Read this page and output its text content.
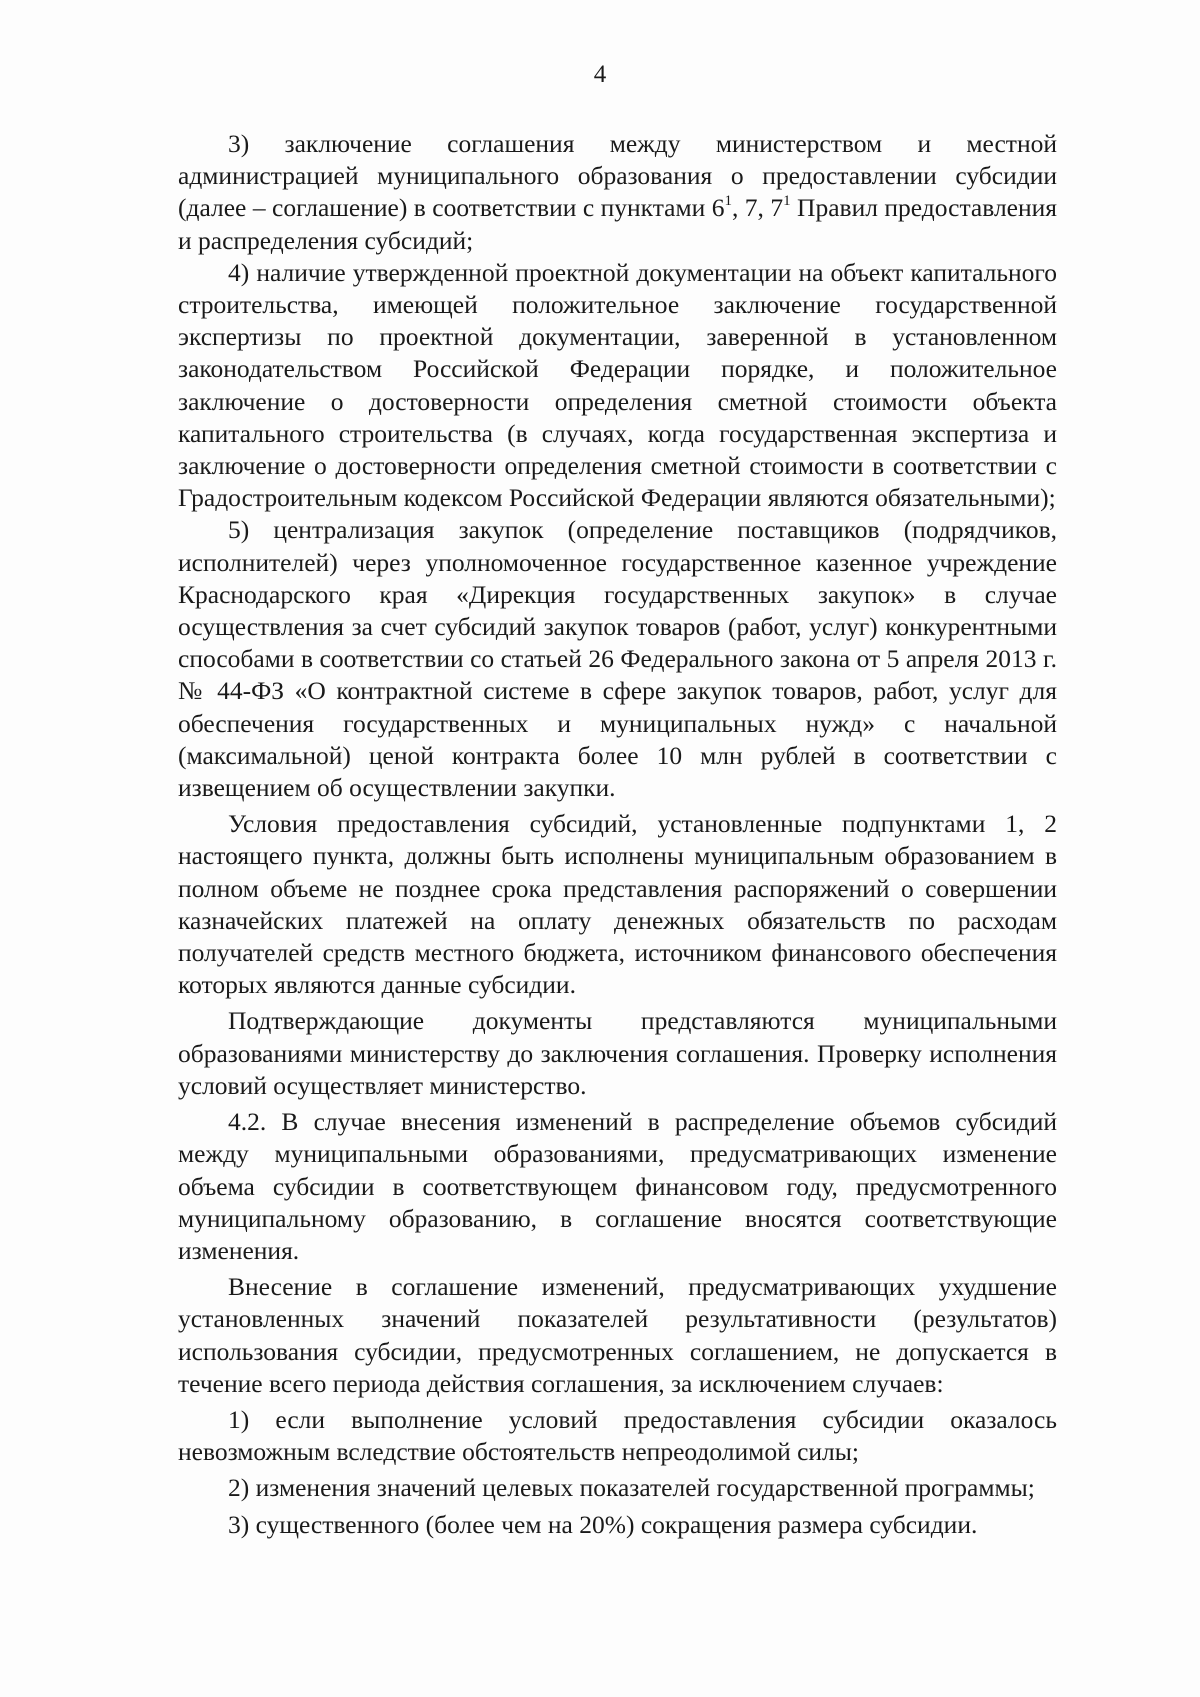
4

3) заключение соглашения между министерством и местной администрацией муниципального образования о предоставлении субсидии (далее – соглашение) в соответствии с пунктами $6^1$, 7, $7^1$ Правил предоставления и распределения субсидий;

4) наличие утвержденной проектной документации на объект капитального строительства, имеющей положительное заключение государственной экспертизы по проектной документации, заверенной в установленном законодательством Российской Федерации порядке, и положительное заключение о достоверности определения сметной стоимости объекта капитального строительства (в случаях, когда государственная экспертиза и заключение о достоверности определения сметной стоимости в соответствии с Градостроительным кодексом Российской Федерации являются обязательными);

5) централизация закупок (определение поставщиков (подрядчиков, исполнителей) через уполномоченное государственное казенное учреждение Краснодарского края «Дирекция государственных закупок» в случае осуществления за счет субсидий закупок товаров (работ, услуг) конкурентными способами в соответствии со статьей 26 Федерального закона от 5 апреля 2013 г. № 44-ФЗ «О контрактной системе в сфере закупок товаров, работ, услуг для обеспечения государственных и муниципальных нужд» с начальной (максимальной) ценой контракта более 10 млн рублей в соответствии с извещением об осуществлении закупки.

Условия предоставления субсидий, установленные подпунктами 1, 2 настоящего пункта, должны быть исполнены муниципальным образованием в полном объеме не позднее срока представления распоряжений о совершении казначейских платежей на оплату денежных обязательств по расходам получателей средств местного бюджета, источником финансового обеспечения которых являются данные субсидии.

Подтверждающие документы представляются муниципальными образованиями министерству до заключения соглашения. Проверку исполнения условий осуществляет министерство.

4.2. В случае внесения изменений в распределение объемов субсидий между муниципальными образованиями, предусматривающих изменение объема субсидии в соответствующем финансовом году, предусмотренного муниципальному образованию, в соглашение вносятся соответствующие изменения.

Внесение в соглашение изменений, предусматривающих ухудшение установленных значений показателей результативности (результатов) использования субсидии, предусмотренных соглашением, не допускается в течение всего периода действия соглашения, за исключением случаев:

1) если выполнение условий предоставления субсидии оказалось невозможным вследствие обстоятельств непреодолимой силы;

2) изменения значений целевых показателей государственной программы;

3) существенного (более чем на 20%) сокращения размера субсидии.
